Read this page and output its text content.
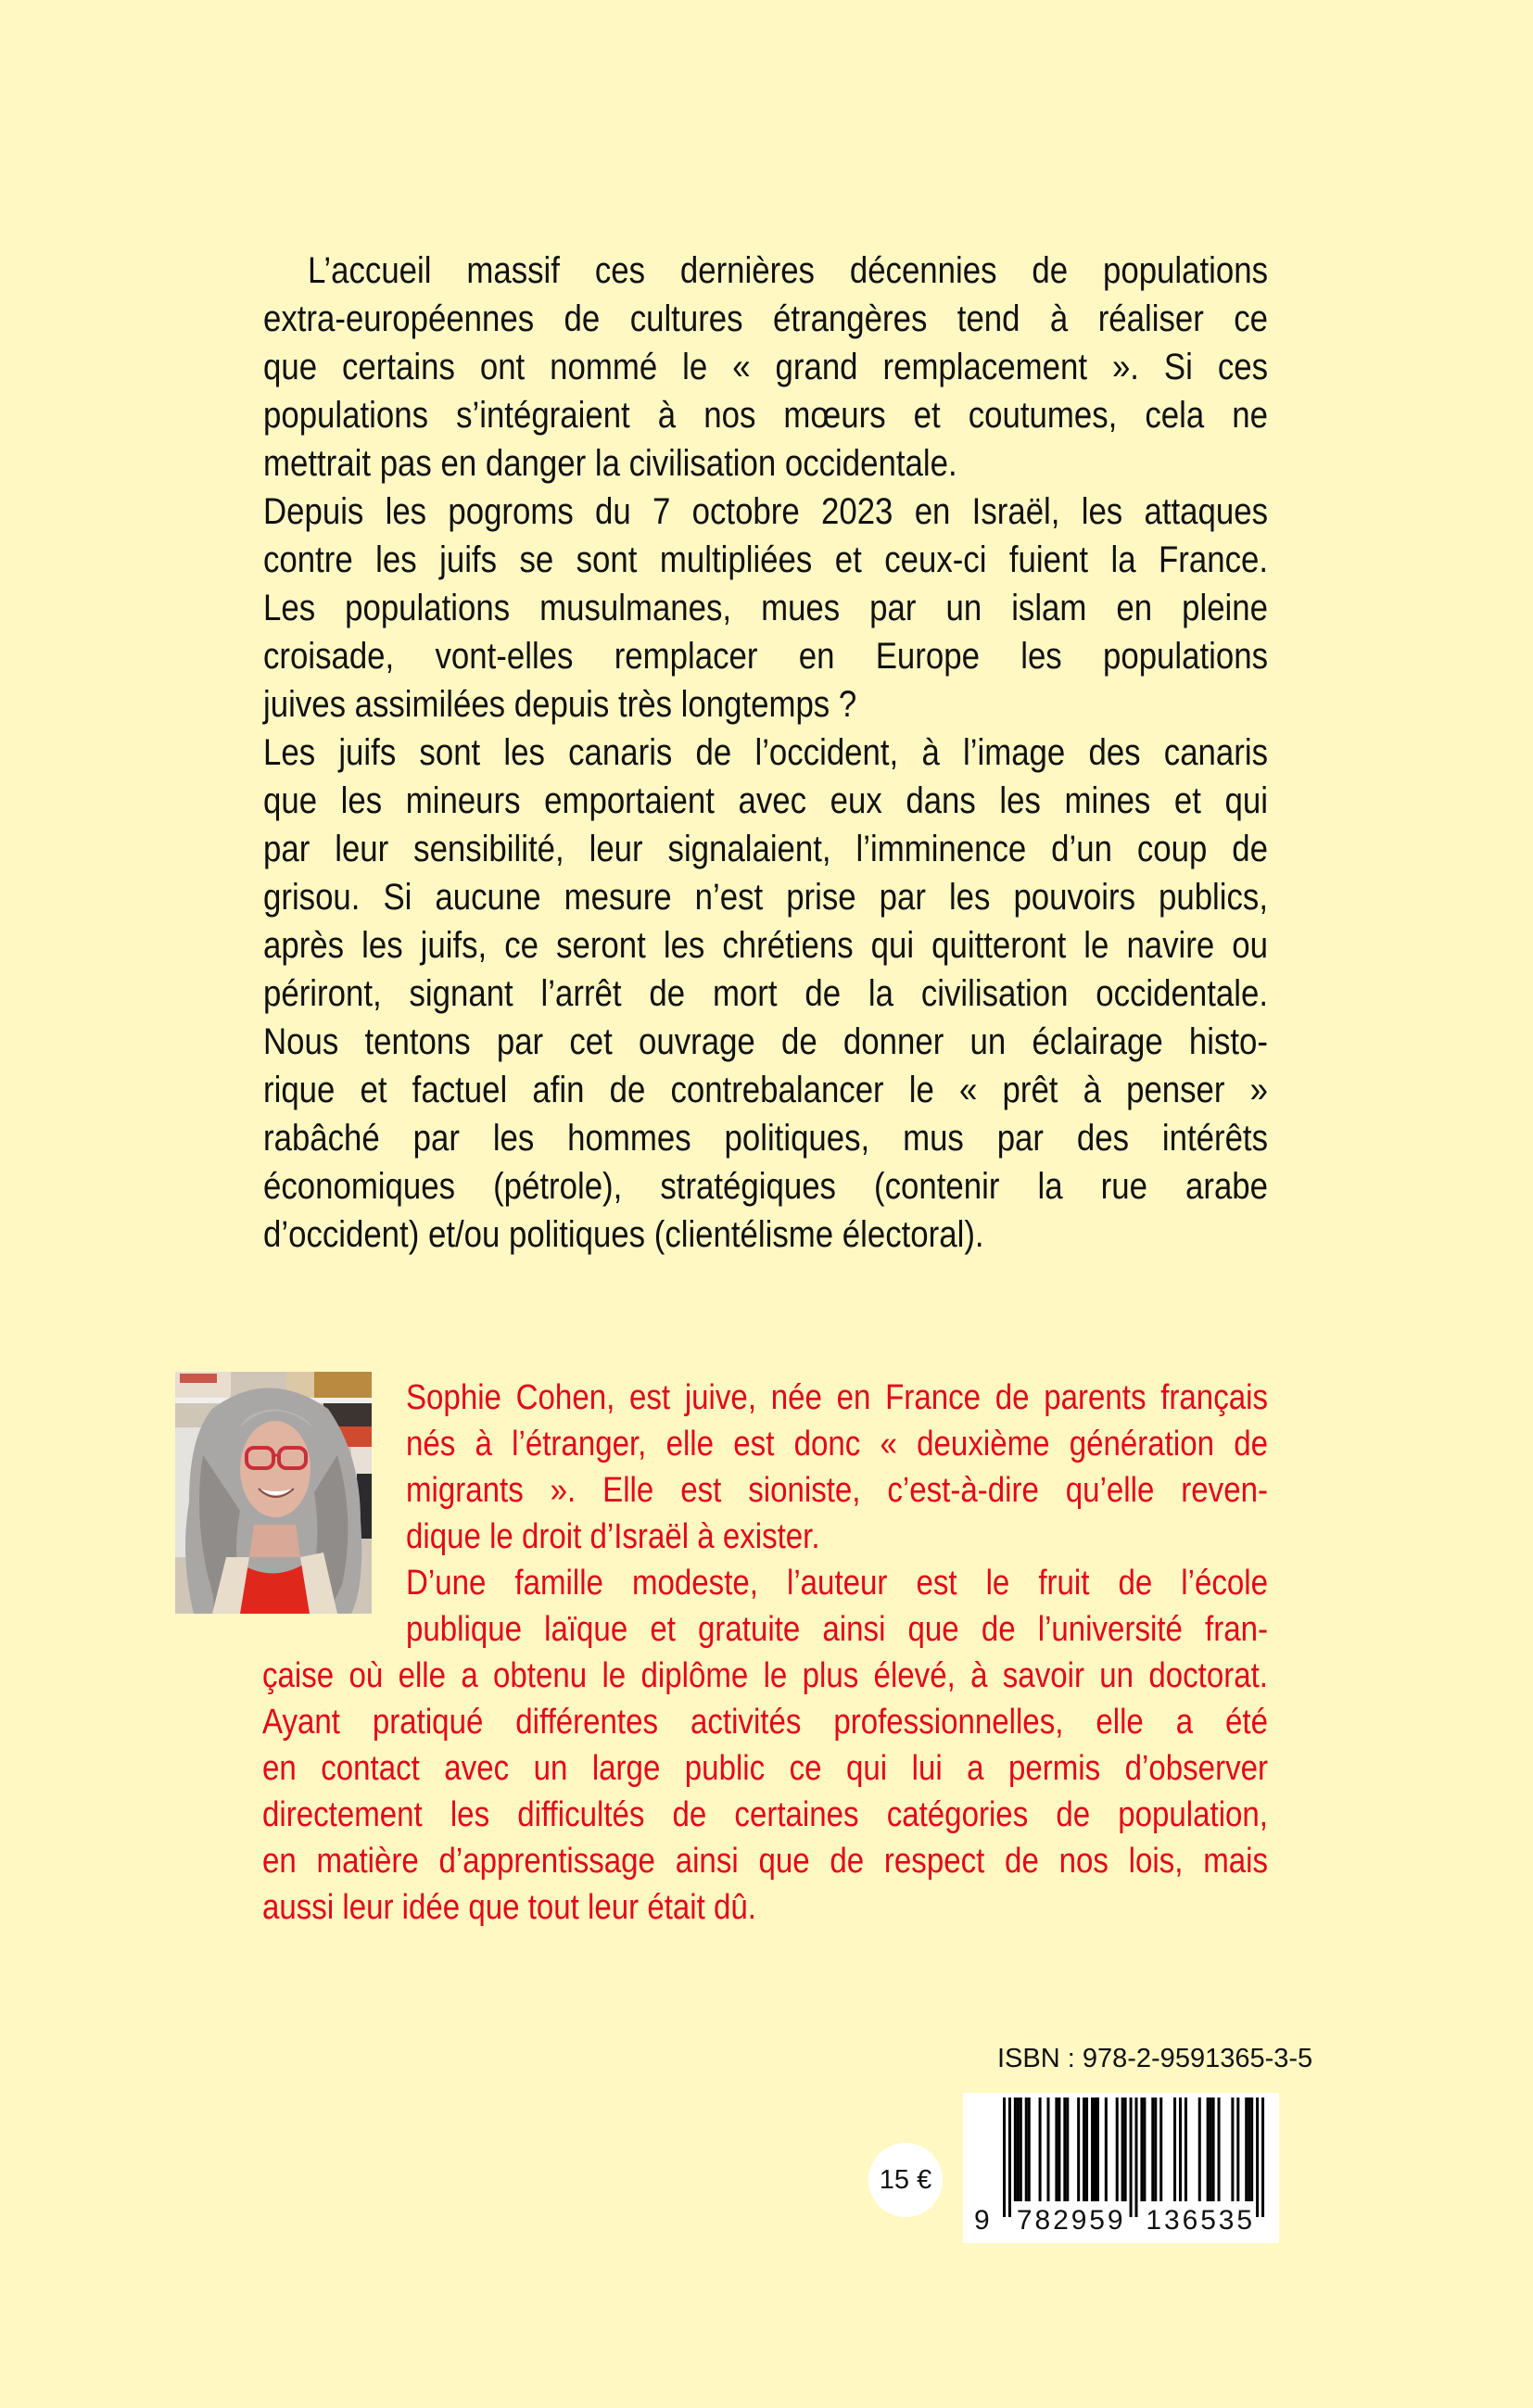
L’accueil massif ces dernières décennies de populations
extra-européennes de cultures étrangères tend à réaliser ce
que certains ont nommé le « grand remplacement ». Si ces
populations s’intégraient à nos mœurs et coutumes, cela ne
mettrait pas en danger la civilisation occidentale.
Depuis les pogroms du 7 octobre 2023 en Israël, les attaques
contre les juifs se sont multipliées et ceux-ci fuient la France.
Les populations musulmanes, mues par un islam en pleine
croisade, vont-elles remplacer en Europe les populations
juives assimilées depuis très longtemps ?
Les juifs sont les canaris de l’occident, à l’image des canaris
que les mineurs emportaient avec eux dans les mines et qui
par leur sensibilité, leur signalaient, l’imminence d’un coup de
grisou. Si aucune mesure n’est prise par les pouvoirs publics,
après les juifs, ce seront les chrétiens qui quitteront le navire ou
périront, signant l’arrêt de mort de la civilisation occidentale.
Nous tentons par cet ouvrage de donner un éclairage histo-
rique et factuel afin de contrebalancer le « prêt à penser »
rabâché par les hommes politiques, mus par des intérêts
économiques (pétrole), stratégiques (contenir la rue arabe
d’occident) et/ou politiques (clientélisme électoral).
Sophie Cohen, est juive, née en France de parents français
nés à l’étranger, elle est donc « deuxième génération de
migrants ». Elle est sioniste, c’est-à-dire qu’elle reven-
dique le droit d’Israël à exister.
D’une famille modeste, l’auteur est le fruit de l’école
publique laïque et gratuite ainsi que de l’université fran-
çaise où elle a obtenu le diplôme le plus élevé, à savoir un doctorat.
Ayant pratiqué différentes activités professionnelles, elle a été
en contact avec un large public ce qui lui a permis d’observer
directement les difficultés de certaines catégories de population,
en matière d’apprentissage ainsi que de respect de nos lois, mais
aussi leur idée que tout leur était dû.
ISBN : 978-2-9591365-3-5
15 €
9 782959 136535
